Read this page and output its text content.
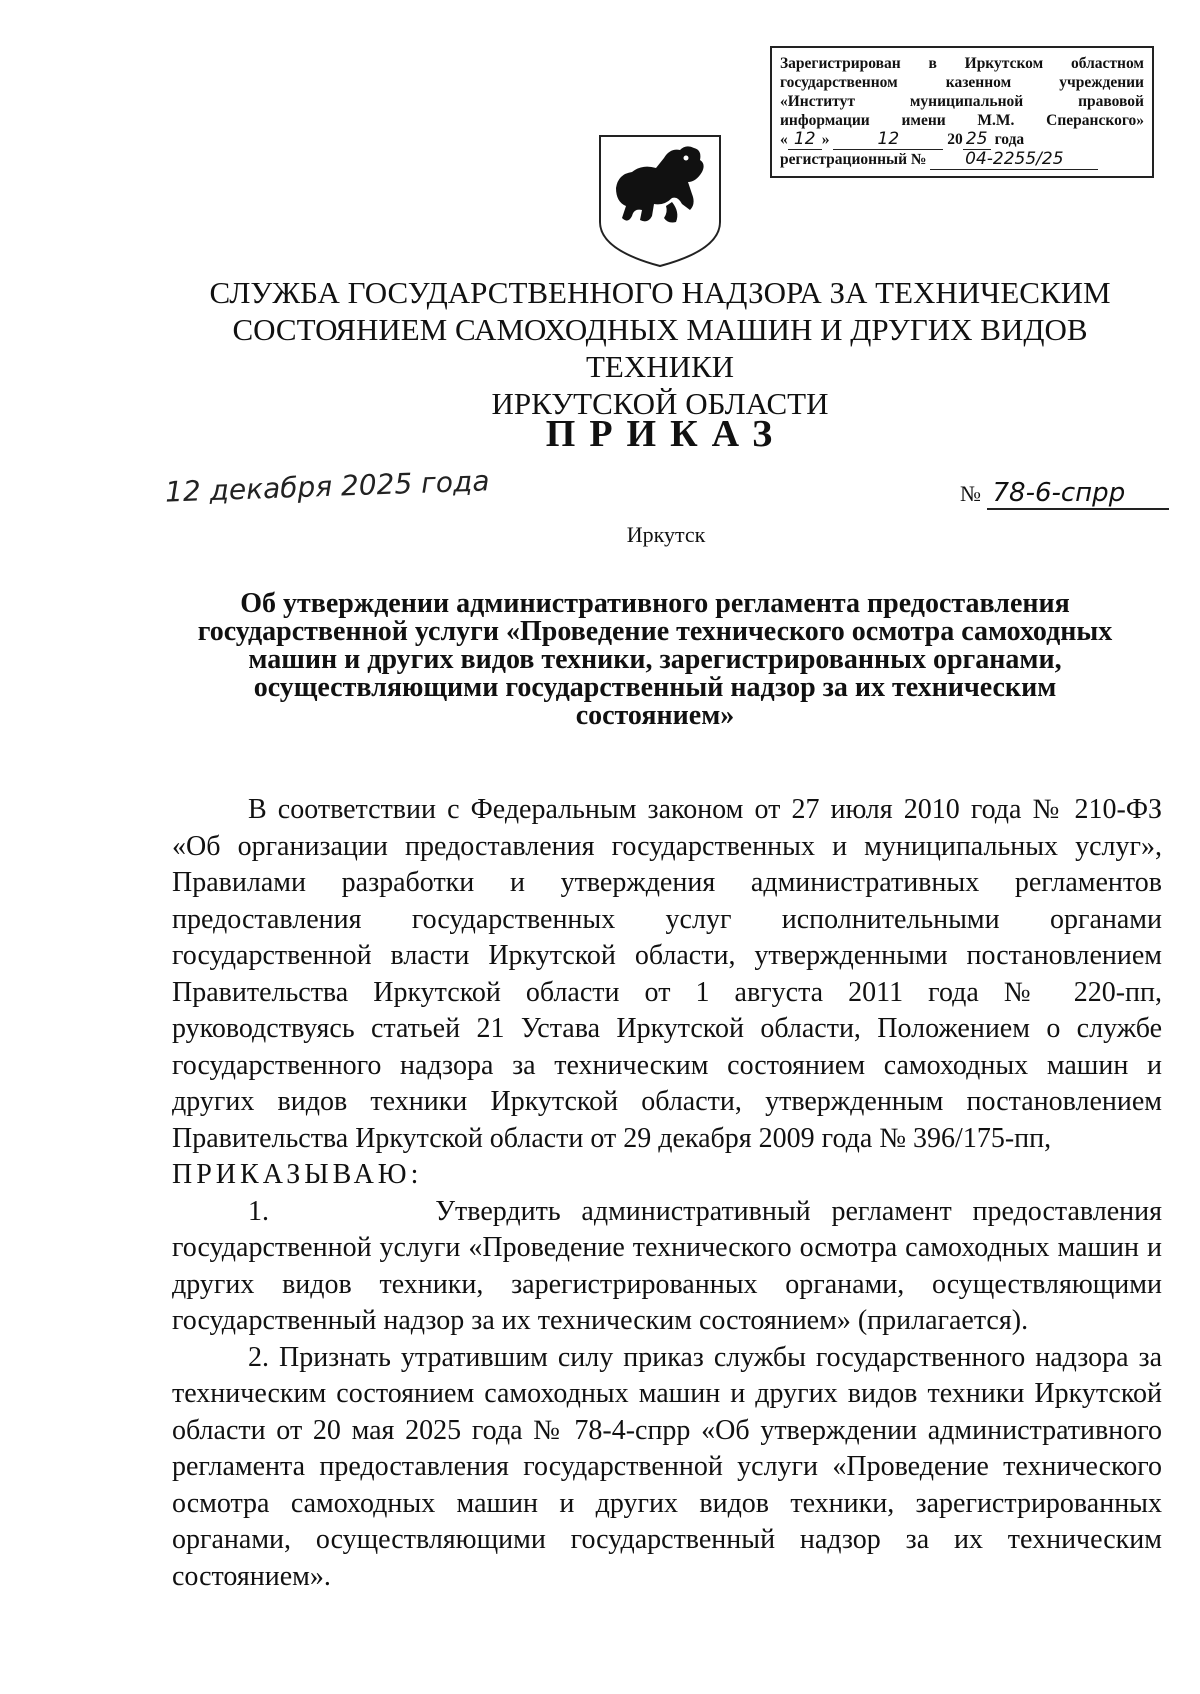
Зарегистрирован в Иркутском областном
государственном казенном учреждении
«Институт муниципальной правовой
информации имени М.М. Сперанского»
« 12 »	12	20 25 года
регистрационный № 04-2255/25
СЛУЖБА ГОСУДАРСТВЕННОГО НАДЗОРА ЗА ТЕХНИЧЕСКИМ
СОСТОЯНИЕМ САМОХОДНЫХ МАШИН И ДРУГИХ ВИДОВ ТЕХНИКИ
ИРКУТСКОЙ ОБЛАСТИ
ПРИКАЗ
12 декабря 2025 года	№ 78-6-спрр
Иркутск
Об утверждении административного регламента предоставления
государственной услуги «Проведение технического осмотра самоходных
машин и других видов техники, зарегистрированных органами,
осуществляющими государственный надзор за их техническим
состоянием»

В соответствии с Федеральным законом от 27 июля 2010 года № 210-ФЗ «Об организации предоставления государственных и муниципальных услуг», Правилами разработки и утверждения административных регламентов предоставления государственных услуг исполнительными органами государственной власти Иркутской области, утвержденными постановлением Правительства Иркутской области от 1 августа 2011 года № 220-пп, руководствуясь статьей 21 Устава Иркутской области, Положением о службе государственного надзора за техническим состоянием самоходных машин и других видов техники Иркутской области, утвержденным постановлением Правительства Иркутской области от 29 декабря 2009 года № 396/175-пп,

ПРИКАЗЫВАЮ:

1.        Утвердить административный регламент предоставления государственной услуги «Проведение технического осмотра самоходных машин и других видов техники, зарегистрированных органами, осуществляющими государственный надзор за их техническим состоянием» (прилагается).

2. Признать утратившим силу приказ службы государственного надзора за техническим состоянием самоходных машин и других видов техники Иркутской области от 20 мая 2025 года № 78-4-спрр «Об утверждении административного регламента предоставления государственной услуги «Проведение технического осмотра самоходных машин и других видов техники, зарегистрированных органами, осуществляющими государственный надзор за их техническим состоянием».
